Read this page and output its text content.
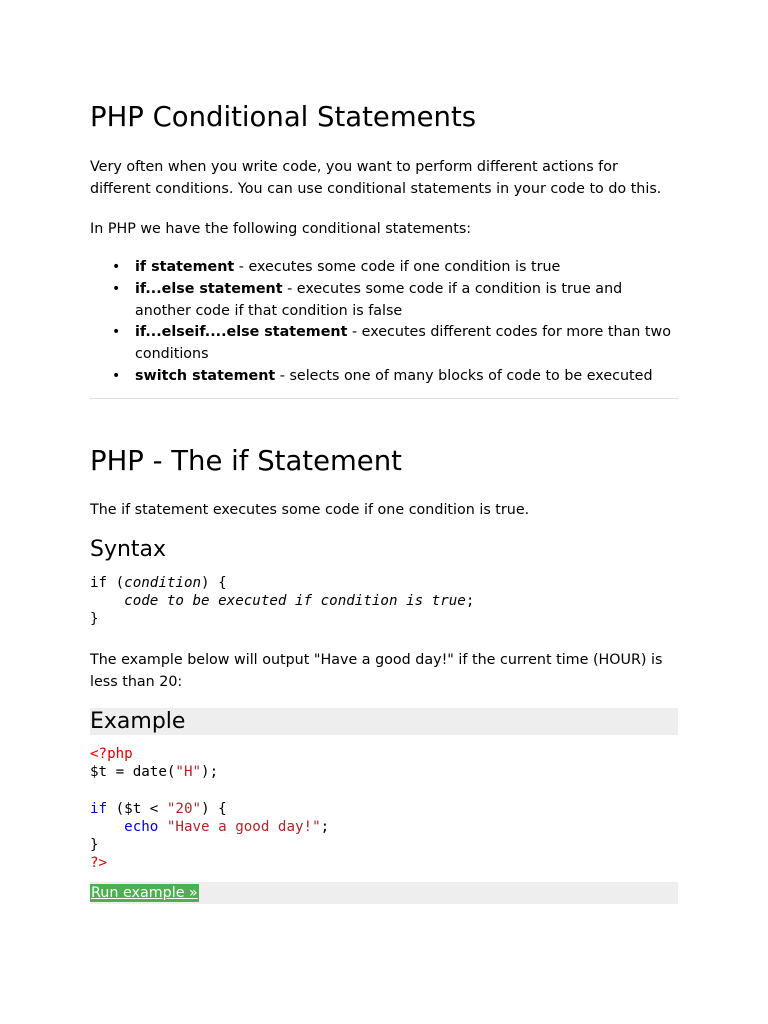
PHP Conditional Statements

Very often when you write code, you want to perform different actions for different conditions. You can use conditional statements in your code to do this.

In PHP we have the following conditional statements:

• if statement - executes some code if one condition is true
• if...else statement - executes some code if a condition is true and another code if that condition is false
• if...elseif....else statement - executes different codes for more than two conditions
• switch statement - selects one of many blocks of code to be executed
PHP - The if Statement

The if statement executes some code if one condition is true.

Syntax
if (condition) {
code to be executed if condition is true;
}

The example below will output "Have a good day!" if the current time (HOUR) is less than 20:

Example
<?php
$t = date("H");

if ($t < "20") {
echo "Have a good day!";
}
?>
Run example »
